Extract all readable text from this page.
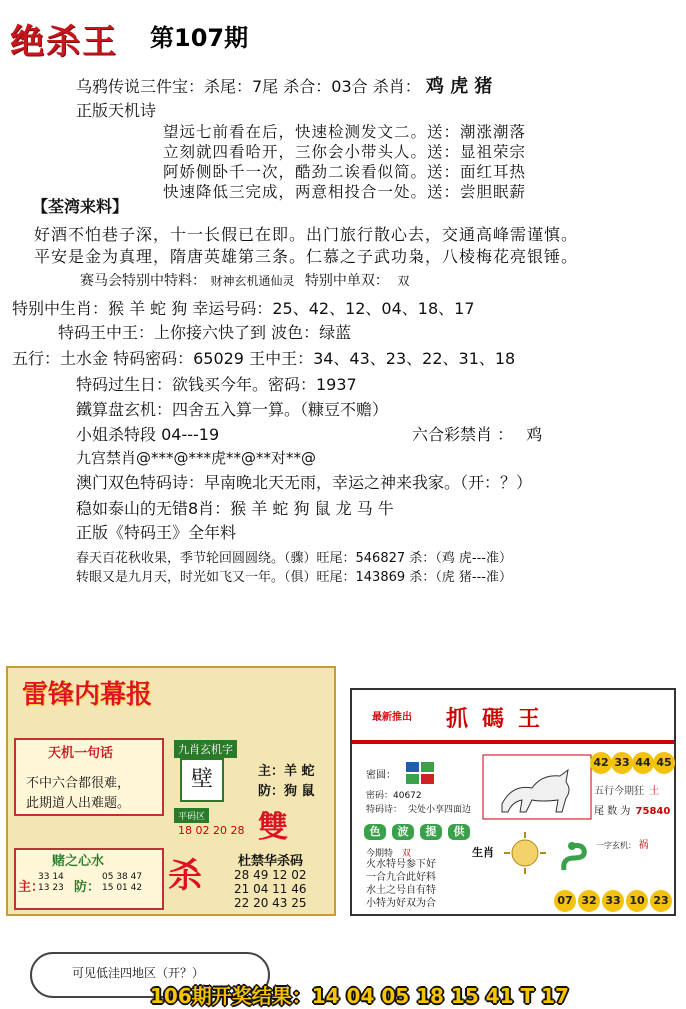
绝杀王 第107期
乌鸦传说三件宝：杀尾：7尾 杀合：03合 杀肖： 鸡 虎 猪
正版天机诗
望远七前看在后，快速检测发文二。送：潮涨潮落
立刻就四看哈开，三你会小带头人。送：显祖荣宗
阿娇侧卧千一次，酷劲二诶看似简。送：面红耳热
快速降低三完成，两意相投合一处。送：尝胆眠薪
【荃湾来料】
好酒不怕巷子深，十一长假已在即。出门旅行散心去，交通高峰需谨慎。
平安是金为真理，隋唐英雄第三条。仁慕之子武功枭，八棱梅花亮银锤。
赛马会特别中特料： 财神玄机通仙灵 特别中单双： 双
特别中生肖：猴 羊 蛇 狗 幸运号码：25、42、12、04、18、17
特码王中王：上你接六快了到 波色：绿蓝
五行：土水金 特码密码：65029 王中王：34、43、23、22、31、18
特码过生日：欲钱买今年。密码：1937
鐵算盘玄机：四舍五入算一算。（糠豆不赡）
小姐杀特段 04---19	六合彩禁肖 ： 鸡
九宫禁肖@***@***虎**@**对**@
澳门双色特码诗：早南晚北天无雨，幸运之神来我家。（开：？）
稳如泰山的无错8肖：猴 羊 蛇 狗 鼠 龙 马 牛
正版《特码王》全年料
春天百花秋收果，季节轮回圆圆绕。（骤）旺尾：546827 杀：（鸡 虎---准）
转眼又是九月天，时光如飞又一年。（俱）旺尾：143869 杀：（虎 猪---准）
雷锋内幕报
天机一句话
不中六合都很难，
此期道人出难题。
九肖玄机字
壁	主：羊 蛇
防：狗 鼠
平码区
18 02 20 28 雙
赌之心水
主：
33 14
13 23 防：
05 38 47
15 01 42 杀	杜禁华杀码
28 49 12 02
21 04 11 46
22 20 43 25
最新推出 抓碼王
密圆：
密码：40672
特码诗： 尖处小享四面边
42 33 44 45
五行今期狂 土
尾 数 为 75840
一字玄机： 祸
色	波	提	供
今期特 双
火水特号参下好
一合九合此好料
水土之号自有特
小特为好双为合
生肖
07 32 33 10 23
可见低洼四地区（开？）
106期开奖结果：14 04 05 18 15 41 T 17
